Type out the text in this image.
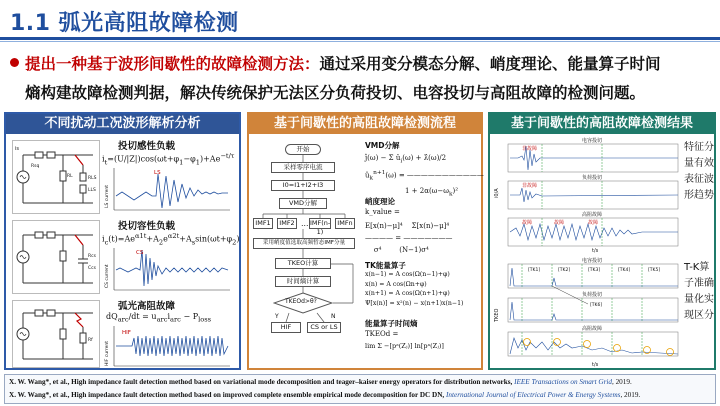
1.1 弧光高阻故障检测
提出一种基于波形间歇性的故障检测方法：通过采用变分模态分解、峭度理论、能量算子时间
熵构建故障检测判据，解决传统保护无法区分负荷投切、电容投切与高阻故障的检测问题。
不同扰动工况波形解析分析
is
Rsq
RL	RLS
LLS
投切感性负载
$i_t=(U/|Z|)\cos(\omega t+\varphi_1-\varphi_1)+Ae^{-t/\tau}$
LS
LS current
Rcs
Ccs
投切容性负载
$i_c(t)=Ae^{\alpha 1t}+A_2e^{\alpha 2t}+A_s\sin(\omega t+\varphi_2)$
CS
CS current
Rf
弧光高阻故障
$dQ_{arc}/dt = u_{arc}i_{arc} - P_{loss}$
HIF
HIF current
基于间歇性的高阻故障检测流程
开始
采样零序电流
I0=I1+I2+I3
VMD分解
IMF1	IMF2 … IMF(n-1)
IMFn
采用峭度值选取高频暂态IMF分量
TKEO计算
时间熵计算
TKEOd>θ?
HIF	CS or LS
Y	N
VMD分解
ĵ(ω) − Σ $û_i(\omega)$ + λ̂(ω)/2
$û_k^{n+1}(\omega)$ = ———————————
$1 + 2\alpha(\omega-\omega_k)^2$
峭度理论
k_value =
E[x(n)−μ]⁴    Σ[x(n)−μ]⁴
———— = ———————
σ⁴        (N−1)σ⁴
TK能量算子
x(n−1) = A cos(Ω(n−1)+φ)
x(n) = A cos(Ωn+φ)
x(n+1) = A cos(Ω(n+1)+φ)
Ψ[x(n)] = x²(n) − x(n+1)x(n−1)
能量算子时间熵
TKEOd =
lim Σ −[pᵃ(Zⱼ)] ln[pᵃ(Zⱼ)]
基于间歇性的高阻故障检测结果
电容投切
负荷投切
高阻故障
i0/A
t/s
非故障
非故障
故障	故障	故障
特征分量有效表征波形趋势
电容投切
负荷投切
高阻故障
TKEO
t/s
[TK1]	[TK2]	[TK3]	[TK4]	[TK5]
[TK6]
T-K算子准确量化实现区分
X. W. Wang*, et al., High impedance fault detection method based on variational mode decomposition and teager–kaiser energy operators for distribution networks, IEEE Transactions on Smart Grid, 2019.
X. W. Wang*, et al., High impedance fault detection method based on improved complete ensemble empirical mode decomposition for DC DN, International Journal of Electrical Power & Energy Systems, 2019.
